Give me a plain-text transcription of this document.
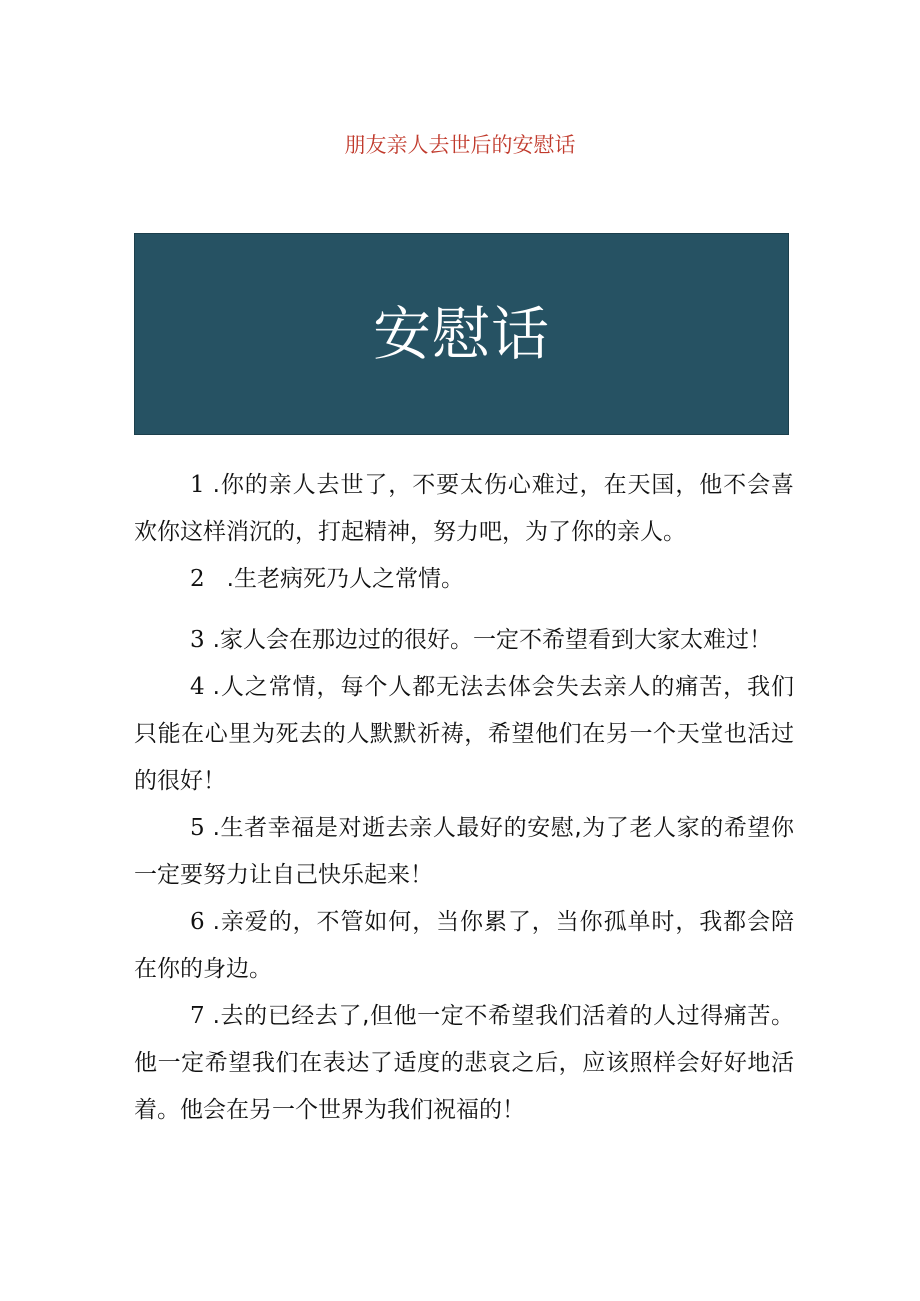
朋友亲人去世后的安慰话
安慰话

1 .你的亲人去世了，不要太伤心难过，在天国，他不会喜欢你这样消沉的，打起精神，努力吧，为了你的亲人。

2 .生老病死乃人之常情。

3 .家人会在那边过的很好。一定不希望看到大家太难过！

4 .人之常情，每个人都无法去体会失去亲人的痛苦，我们只能在心里为死去的人默默祈祷，希望他们在另一个天堂也活过的很好！

5 .生者幸福是对逝去亲人最好的安慰,为了老人家的希望你一定要努力让自己快乐起来！

6 .亲爱的，不管如何，当你累了，当你孤单时，我都会陪在你的身边。

7 .去的已经去了,但他一定不希望我们活着的人过得痛苦。他一定希望我们在表达了适度的悲哀之后，应该照样会好好地活着。他会在另一个世界为我们祝福的！
